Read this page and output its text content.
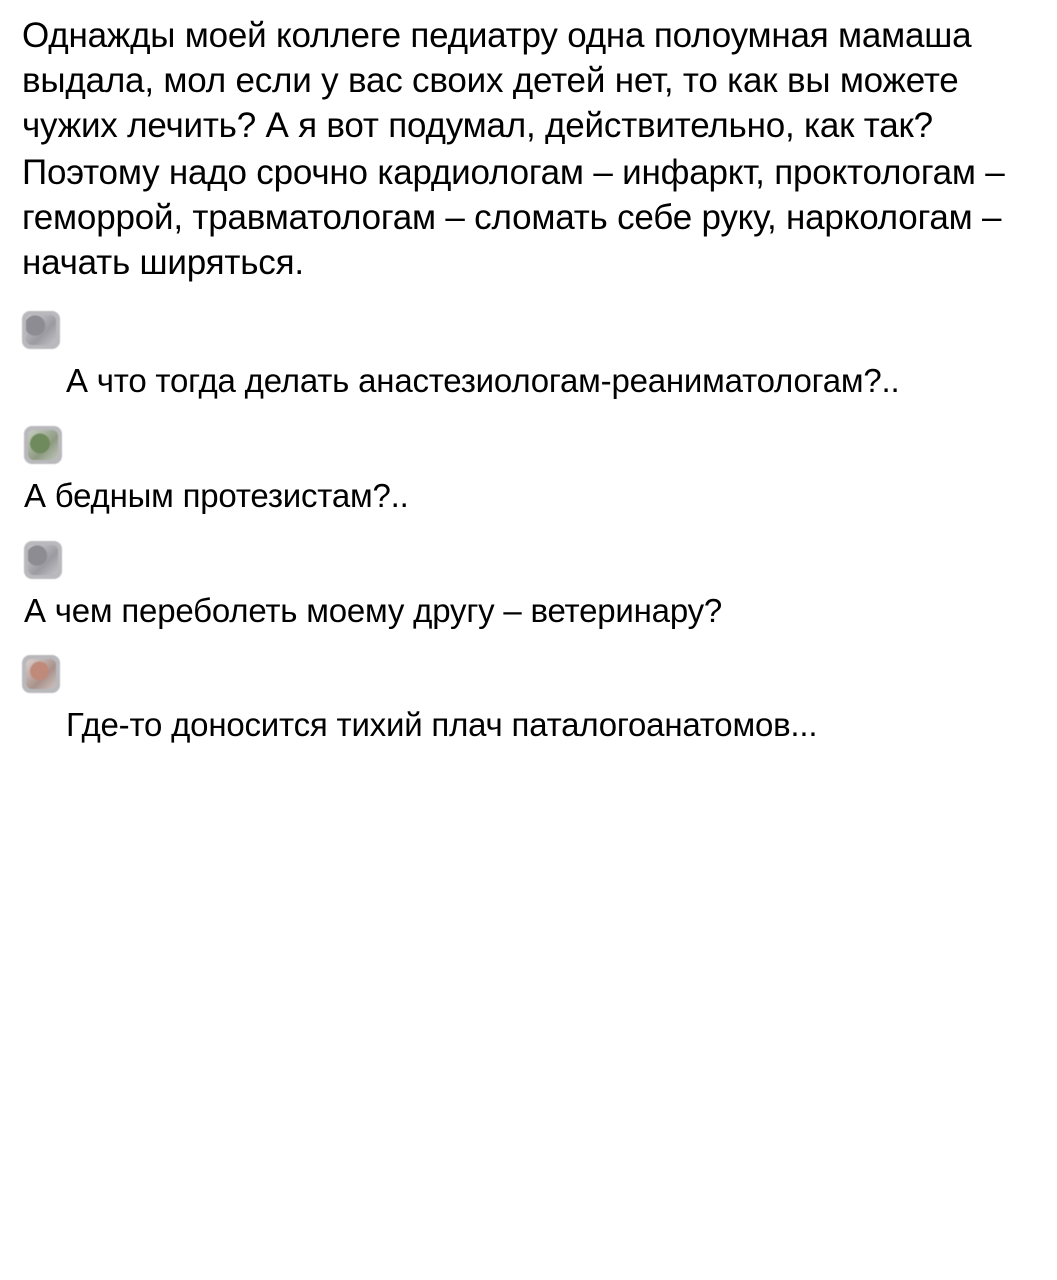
Однажды моей коллеге педиатру одна полоумная мамаша выдала, мол если у вас своих детей нет, то как вы можете чужих лечить? А я вот подумал, действительно, как так?

Поэтому надо срочно кардиологам – инфаркт, проктологам – геморрой, травматологам – сломать себе руку, наркологам – начать ширяться.

А что тогда делать анастезиологам-реаниматологам?..
А бедным протезистам?..
А чем переболеть моему другу – ветеринару?
Где-то доносится тихий плач паталогоанатомов...
